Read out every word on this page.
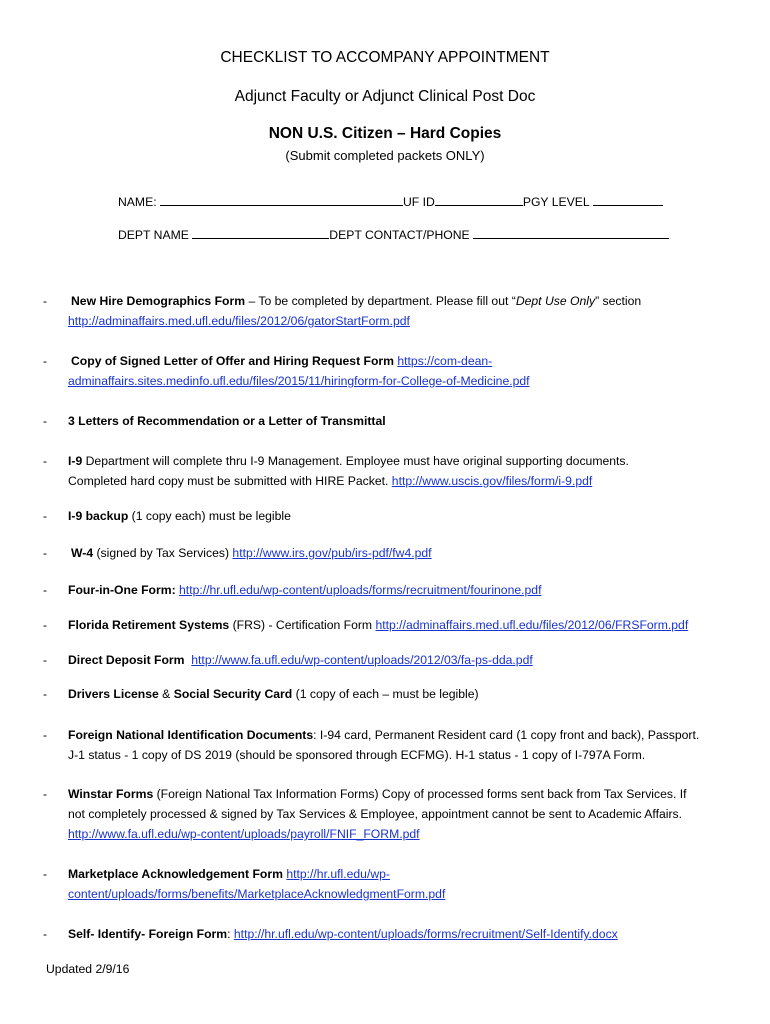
CHECKLIST TO ACCOMPANY APPOINTMENT
Adjunct Faculty or Adjunct Clinical Post Doc
NON U.S. Citizen – Hard Copies
(Submit completed packets ONLY)
NAME:	UF ID	PGY LEVEL
DEPT NAME	DEPT CONTACT/PHONE
- New Hire Demographics Form – To be completed by department. Please fill out “Dept Use Only” section
http://adminaffairs.med.ufl.edu/files/2012/06/gatorStartForm.pdf
- Copy of Signed Letter of Offer and Hiring Request Form https://com-dean-
adminaffairs.sites.medinfo.ufl.edu/files/2015/11/hiringform-for-College-of-Medicine.pdf
- 3 Letters of Recommendation or a Letter of Transmittal
- I-9 Department will complete thru I-9 Management. Employee must have original supporting documents.
Completed hard copy must be submitted with HIRE Packet. http://www.uscis.gov/files/form/i-9.pdf
- I-9 backup (1 copy each) must be legible
- W-4 (signed by Tax Services) http://www.irs.gov/pub/irs-pdf/fw4.pdf
- Four-in-One Form: http://hr.ufl.edu/wp-content/uploads/forms/recruitment/fourinone.pdf
- Florida Retirement Systems (FRS) - Certification Form http://adminaffairs.med.ufl.edu/files/2012/06/FRSForm.pdf
- Direct Deposit Form http://www.fa.ufl.edu/wp-content/uploads/2012/03/fa-ps-dda.pdf
- Drivers License & Social Security Card (1 copy of each – must be legible)
- Foreign National Identification Documents: I-94 card, Permanent Resident card (1 copy front and back), Passport.
J-1 status - 1 copy of DS 2019 (should be sponsored through ECFMG). H-1 status - 1 copy of I-797A Form.
- Winstar Forms (Foreign National Tax Information Forms) Copy of processed forms sent back from Tax Services. If
not completely processed & signed by Tax Services & Employee, appointment cannot be sent to Academic Affairs.
http://www.fa.ufl.edu/wp-content/uploads/payroll/FNIF_FORM.pdf
- Marketplace Acknowledgement Form http://hr.ufl.edu/wp-
content/uploads/forms/benefits/MarketplaceAcknowledgmentForm.pdf
- Self- Identify- Foreign Form: http://hr.ufl.edu/wp-content/uploads/forms/recruitment/Self-Identify.docx
Updated 2/9/16
